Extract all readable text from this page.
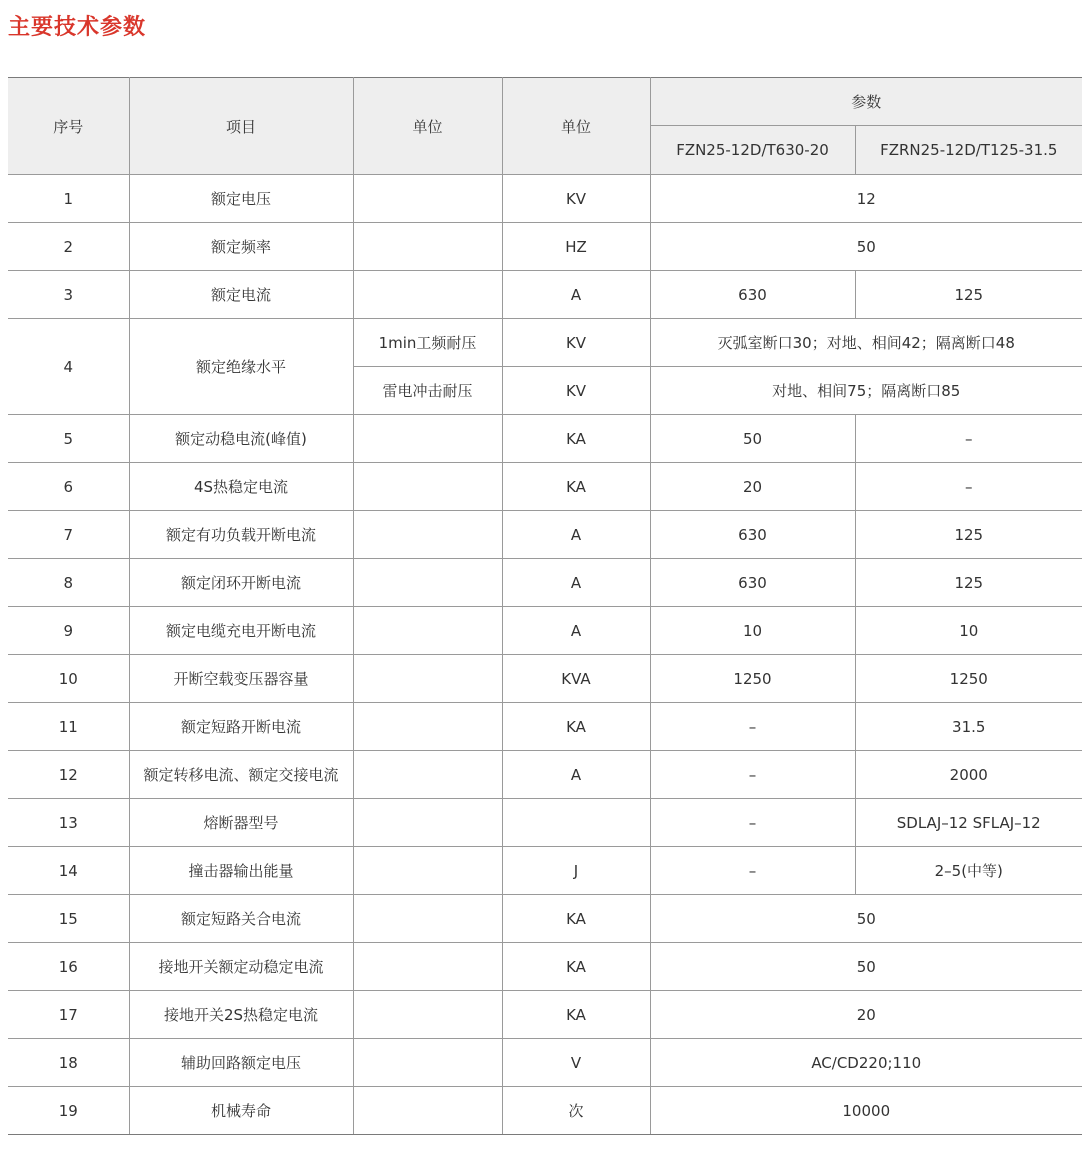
主要技术参数
序号	项目	单位	单位	参数	
				FZN25-12D/T630-20	FZRN25-12D/T125-31.5
1	额定电压		KV	12	
2	额定频率		HZ	50	
3	额定电流		A	630	125
4	额定绝缘水平	1min工频耐压	KV	灭弧室断口30；对地、相间42；隔离断口48	
		雷电冲击耐压	KV	对地、相间75；隔离断口85	
5	额定动稳电流(峰值)		KA	50	–
6	4S热稳定电流		KA	20	–
7	额定有功负载开断电流		A	630	125
8	额定闭环开断电流		A	630	125
9	额定电缆充电开断电流		A	10	10
10	开断空载变压器容量		KVA	1250	1250
11	额定短路开断电流		KA	–	31.5
12	额定转移电流、额定交接电流		A	–	2000
13	熔断器型号			–	SDLAJ–12 SFLAJ–12
14	撞击器输出能量		J	–	2–5(中等)
15	额定短路关合电流		KA	50	
16	接地开关额定动稳定电流		KA	50	
17	接地开关2S热稳定电流		KA	20	
18	辅助回路额定电压		V	AC/CD220;110	
19	机械寿命		次	10000	
